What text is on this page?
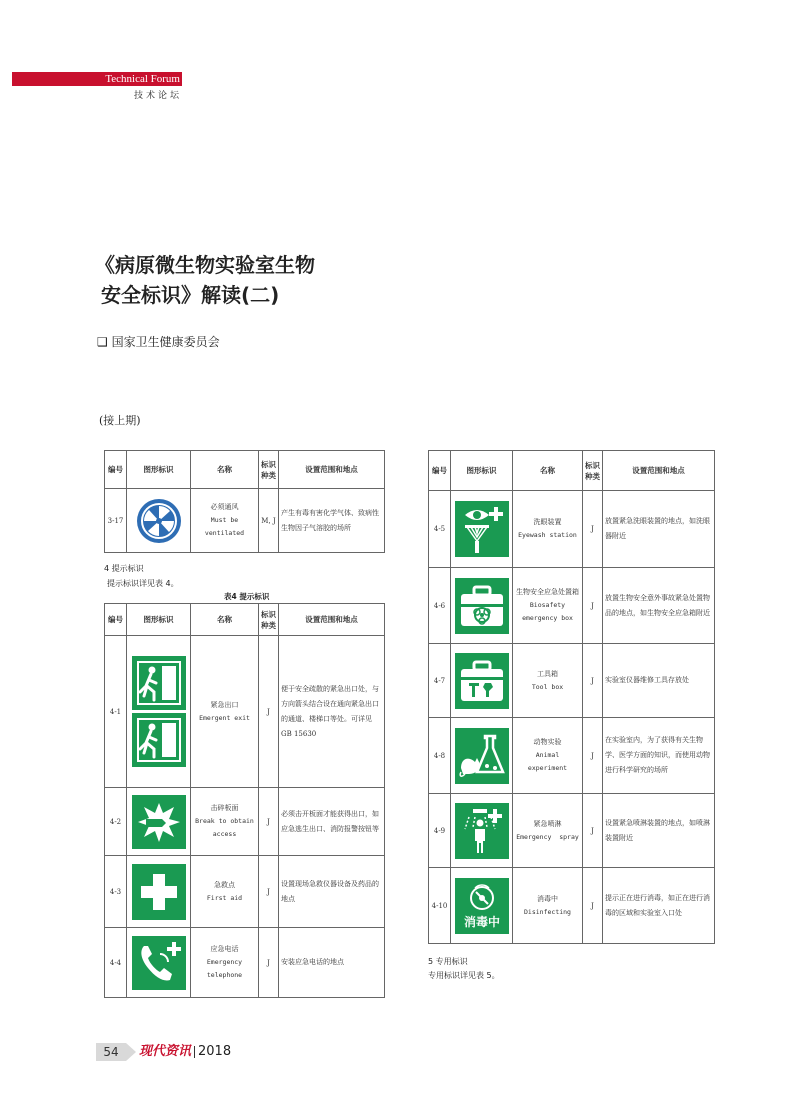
Technical Forum
技术论坛
《病原微生物实验室生物
安全标识》解读(二)
❑ 国家卫生健康委员会
(接上期)
编号	图形标识	名称	标识种类	设置范围和地点
3-17		必须通风
Must be
ventilated	M, J	产生有毒有害化学气体、致病性生物因子气溶胶的场所
4 提示标识
提示标识详见表 4。
表4 提示标识
编号	图形标识	名称	标识种类	设置范围和地点
4-1		紧急出口
Emergent exit	J	便于安全疏散的紧急出口处，与方向箭头结合设在通向紧急出口的通道、楼梯口等处。可详见GB 15630
4-2		击碎板面
Break to obtain
access	J	必须击开板面才能获得出口，如应急逃生出口、消防报警按钮等
4-3		急救点
First aid	J	设置现场急救仪器设备及药品的地点
4-4		应急电话
Emergency
telephone	J	安装应急电话的地点
编号	图形标识	名称	标识种类	设置范围和地点
4-5		洗眼装置
Eyewash station	J	放置紧急洗眼装置的地点，如洗眼器附近
4-6		生物安全应急处置箱
Biosafety
emergency box	J	放置生物安全意外事故紧急处置物品的地点，如生物安全应急箱附近
4-7		工具箱
Tool box	J	实验室仪器维修工具存放处
4-8		动物实验
Animal experiment	J	在实验室内，为了获得有关生物学、医学方面的知识，而使用动物进行科学研究的场所
4-9		紧急喷淋
Emergency  spray	J	设置紧急喷淋装置的地点，如喷淋装置附近
4-10	消毒中	消毒中
Disinfecting	J	提示正在进行消毒，如正在进行消毒的区域和实验室入口处
5 专用标识
专用标识详见表 5。
54	现代资讯 2018
